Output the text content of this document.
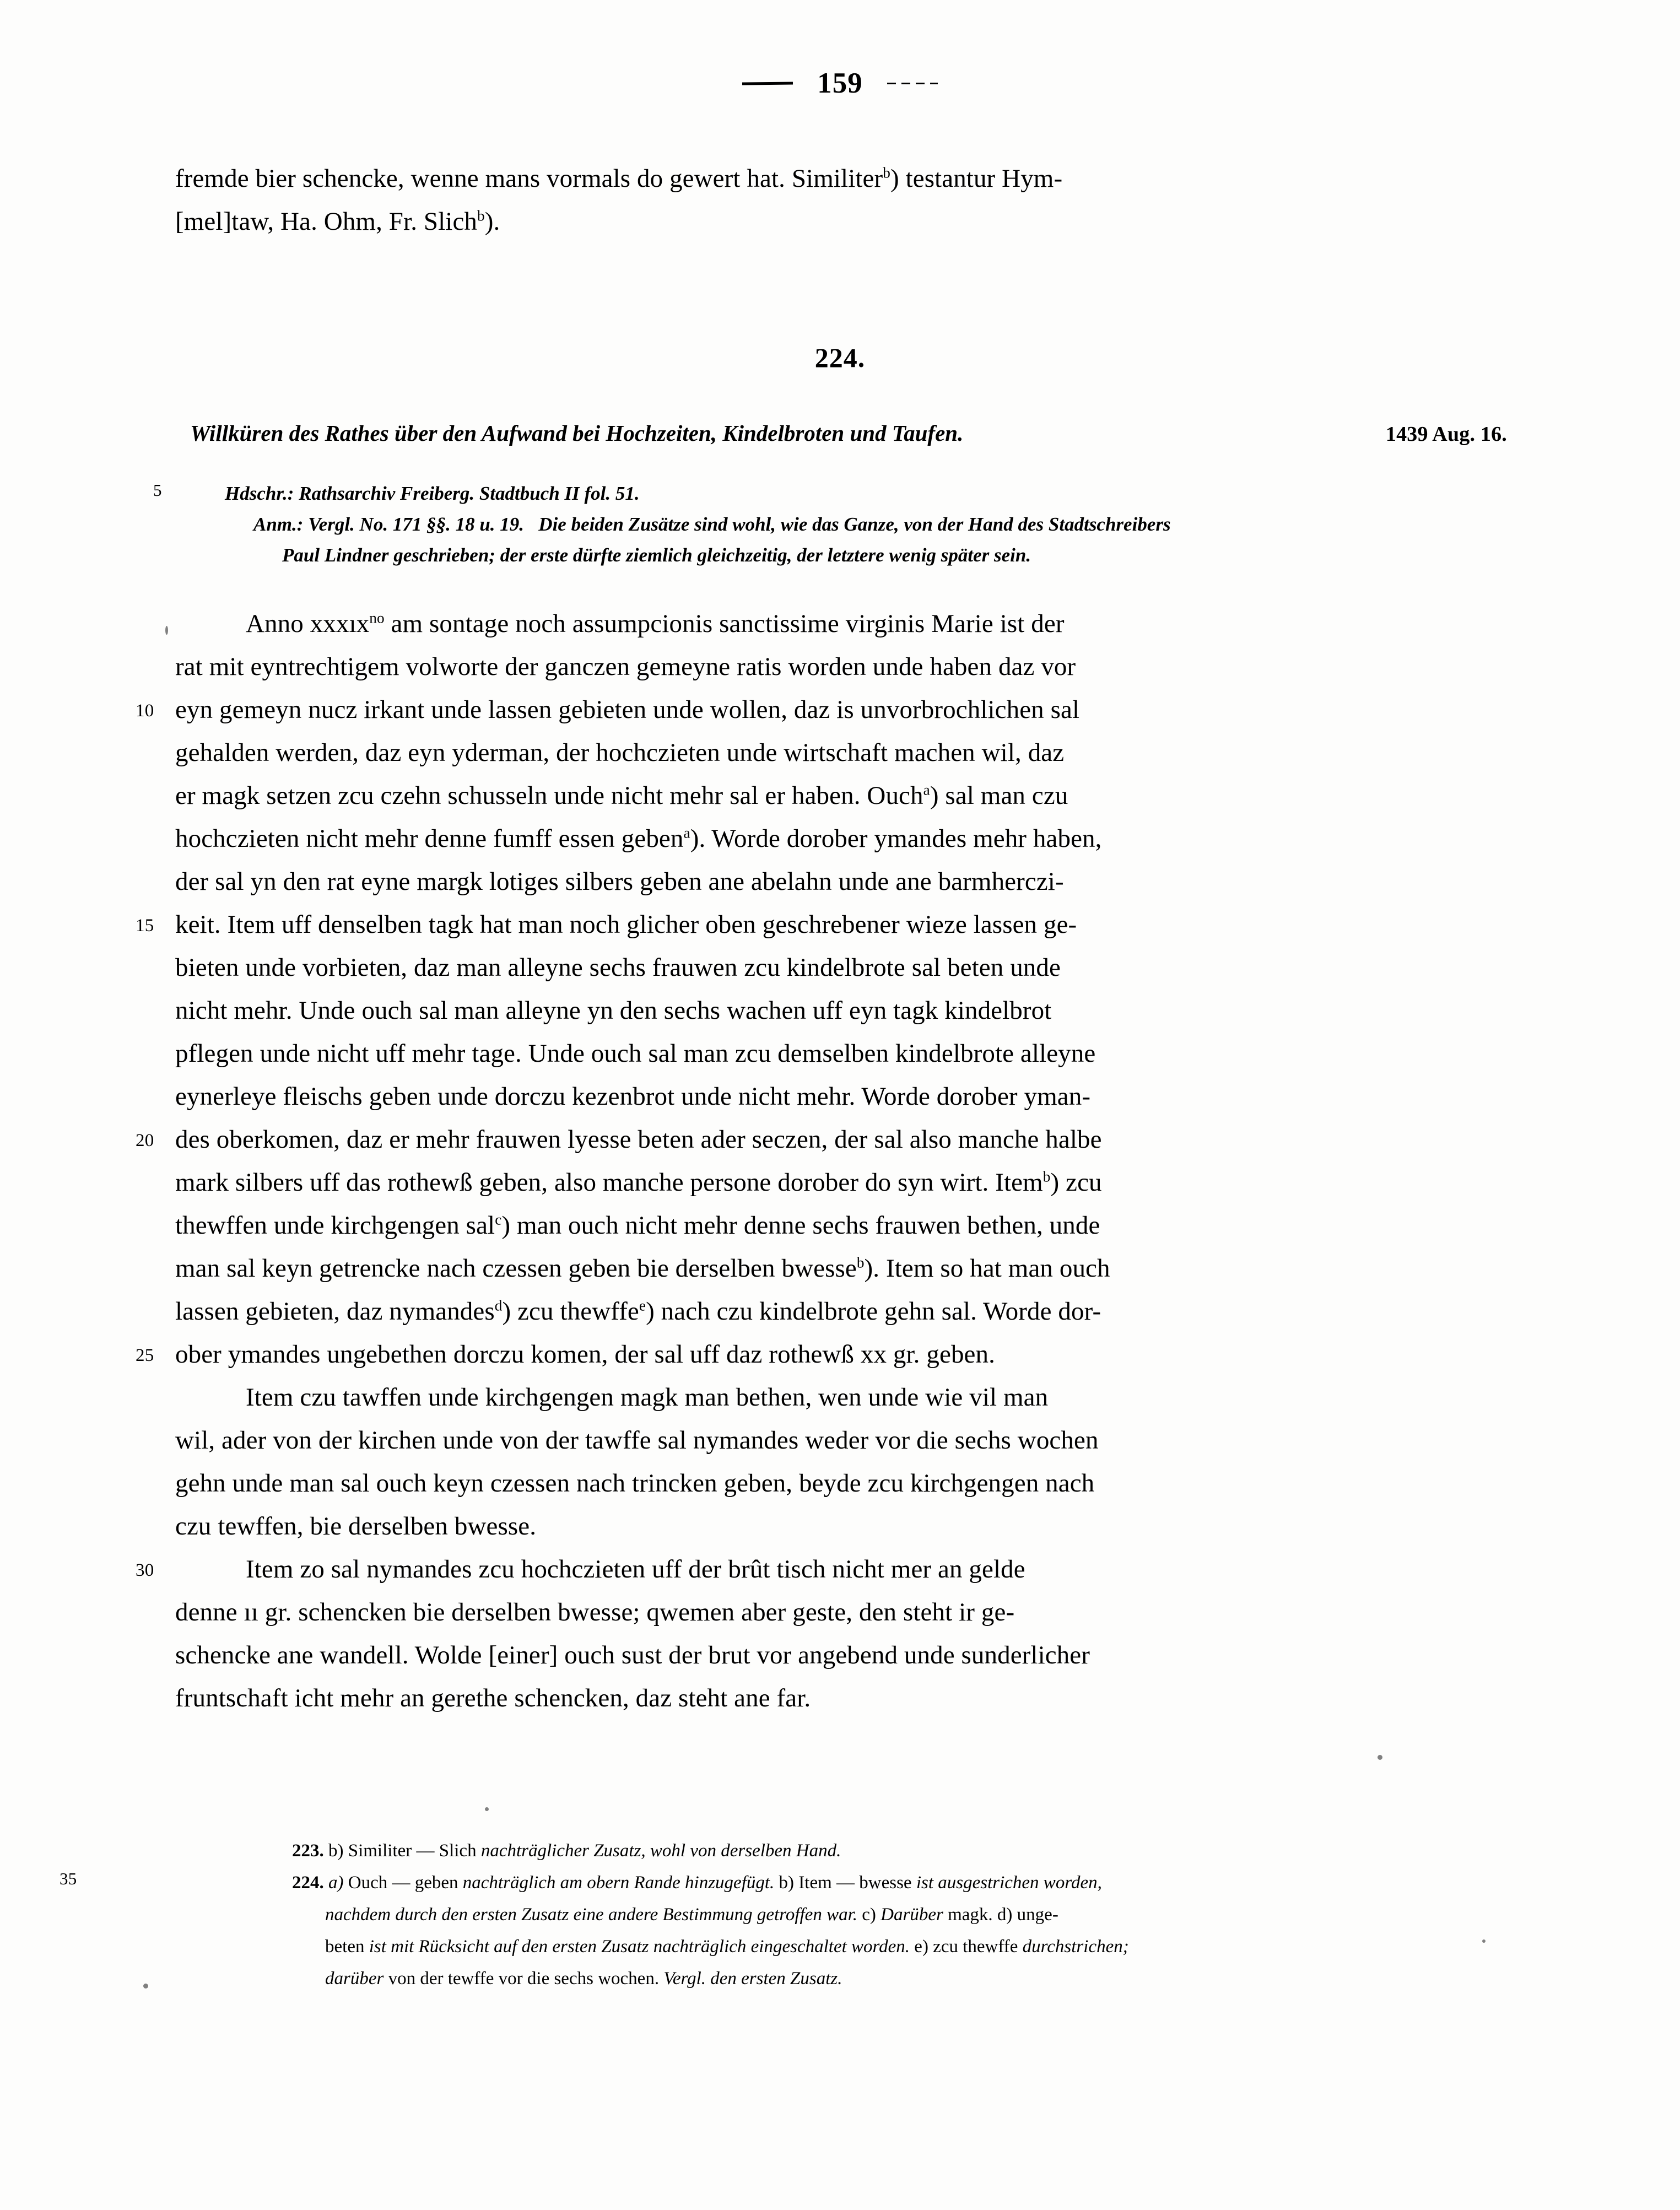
159
fremde bier schencke, wenne mans vormals do gewert hat. Similiter$^b$) testantur Hym-
[mel]taw, Ha. Ohm, Fr. Slich$^b$).
224.
Willküren des Rathes über den Aufwand bei Hochzeiten, Kindelbroten und Taufen.	1439 Aug. 16.
5	Hdschr.: Rathsarchiv Freiberg. Stadtbuch II fol. 51.
Anm.: Vergl. No. 171 §§. 18 u. 19. Die beiden Zusätze sind wohl, wie das Ganze, von der Hand des Stadtschreibers
Paul Lindner geschrieben; der erste dürfte ziemlich gleichzeitig, der letztere wenig später sein.
Anno xxxıx$^{no}$ am sontage noch assumpcionis sanctissime virginis Marie ist der
rat mit eyntrechtigem volworte der ganczen gemeyne ratis worden unde haben daz vor
10 eyn gemeyn nucz irkant unde lassen gebieten unde wollen, daz is unvorbrochlichen sal
gehalden werden, daz eyn yderman, der hochczieten unde wirtschaft machen wil, daz
er magk setzen zcu czehn schusseln unde nicht mehr sal er haben. Ouch$^a$) sal man czu
hochczieten nicht mehr denne fumff essen geben$^a$). Worde dorober ymandes mehr haben,
der sal yn den rat eyne margk lotiges silbers geben ane abelahn unde ane barmherczi-
15 keit. Item uff denselben tagk hat man noch glicher oben geschrebener wieze lassen ge-
bieten unde vorbieten, daz man alleyne sechs frauwen zcu kindelbrote sal beten unde
nicht mehr. Unde ouch sal man alleyne yn den sechs wachen uff eyn tagk kindelbrot
pflegen unde nicht uff mehr tage. Unde ouch sal man zcu demselben kindelbrote alleyne
eynerleye fleischs geben unde dorczu kezenbrot unde nicht mehr. Worde dorober yman-
20 des oberkomen, daz er mehr frauwen lyesse beten ader seczen, der sal also manche halbe
mark silbers uff das rothewß geben, also manche persone dorober do syn wirt. Item$^b$) zcu
thewffen unde kirchgengen sal$^c$) man ouch nicht mehr denne sechs frauwen bethen, unde
man sal keyn getrencke nach czessen geben bie derselben bwesse$^b$). Item so hat man ouch
lassen gebieten, daz nymandes$^d$) zcu thewffe$^e$) nach czu kindelbrote gehn sal. Worde dor-
25 ober ymandes ungebethen dorczu komen, der sal uff daz rothewß xx gr. geben.
Item czu tawffen unde kirchgengen magk man bethen, wen unde wie vil man
wil, ader von der kirchen unde von der tawffe sal nymandes weder vor die sechs wochen
gehn unde man sal ouch keyn czessen nach trincken geben, beyde zcu kirchgengen nach
czu tewffen, bie derselben bwesse.
30	Item zo sal nymandes zcu hochczieten uff der brût tisch nicht mer an gelde
denne ıı gr. schencken bie derselben bwesse; qwemen aber geste, den steht ir ge-
schencke ane wandell. Wolde [einer] ouch sust der brut vor angebend unde sunderlicher
fruntschaft icht mehr an gerethe schencken, daz steht ane far.
35
223. b) Similiter — Slich nachträglicher Zusatz, wohl von derselben Hand.
224. a) Ouch — geben nachträglich am obern Rande hinzugefügt. b) Item — bwesse ist ausgestrichen worden,
nachdem durch den ersten Zusatz eine andere Bestimmung getroffen war. c) Darüber magk. d) unge-
beten ist mit Rücksicht auf den ersten Zusatz nachträglich eingeschaltet worden. e) zcu thewffe durchstrichen;
darüber von der tewffe vor die sechs wochen. Vergl. den ersten Zusatz.
